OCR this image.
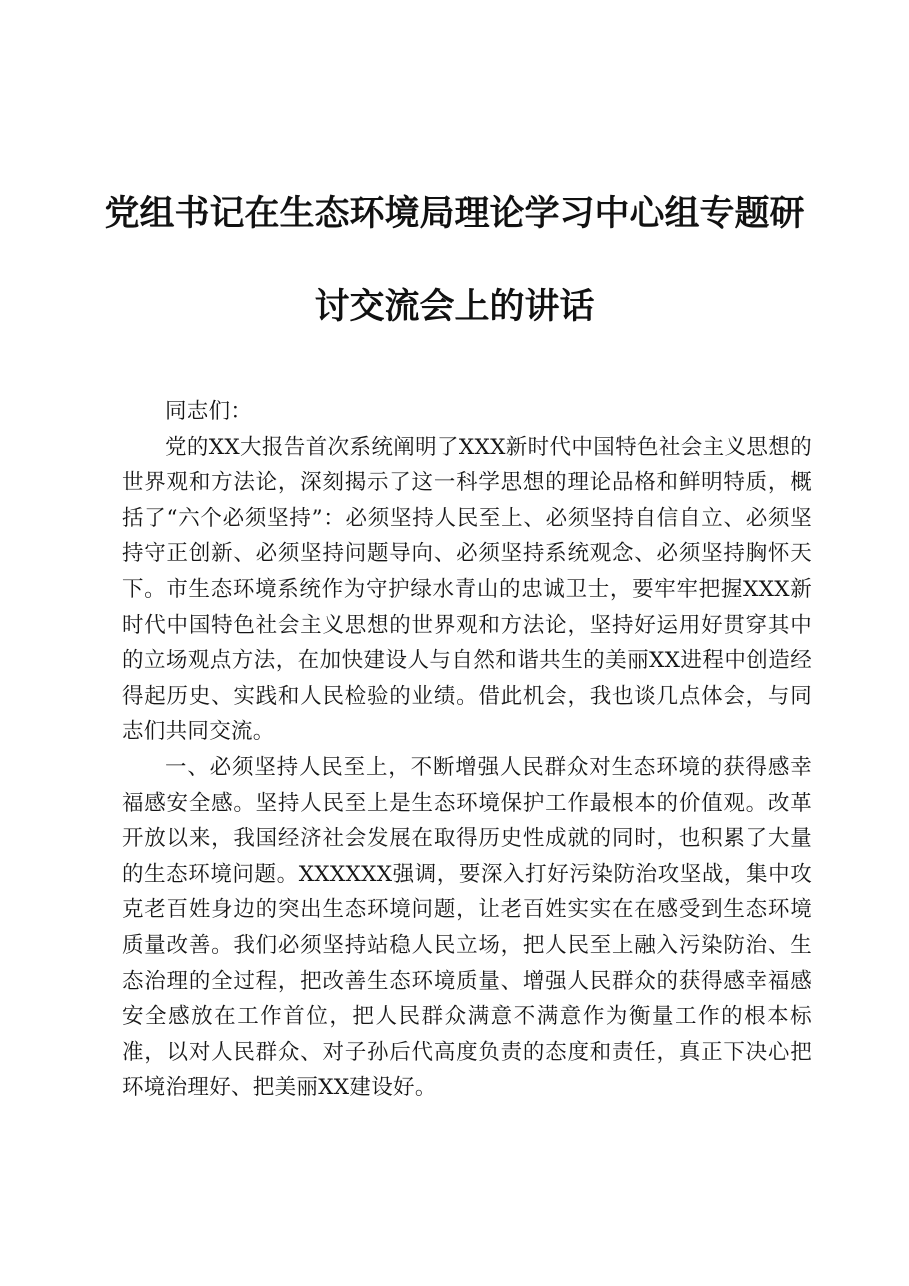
党组书记在生态环境局理论学习中心组专题研
讨交流会上的讲话

同志们：

党的XX大报告首次系统阐明了XXX新时代中国特色社会主义思想的世界观和方法论，深刻揭示了这一科学思想的理论品格和鲜明特质，概括了“六个必须坚持”：必须坚持人民至上、必须坚持自信自立、必须坚持守正创新、必须坚持问题导向、必须坚持系统观念、必须坚持胸怀天下。市生态环境系统作为守护绿水青山的忠诚卫士，要牢牢把握XXX新时代中国特色社会主义思想的世界观和方法论，坚持好运用好贯穿其中的立场观点方法，在加快建设人与自然和谐共生的美丽XX进程中创造经得起历史、实践和人民检验的业绩。借此机会，我也谈几点体会，与同志们共同交流。

一、必须坚持人民至上，不断增强人民群众对生态环境的获得感幸福感安全感。坚持人民至上是生态环境保护工作最根本的价值观。改革开放以来，我国经济社会发展在取得历史性成就的同时，也积累了大量的生态环境问题。XXXXXX强调，要深入打好污染防治攻坚战，集中攻克老百姓身边的突出生态环境问题，让老百姓实实在在感受到生态环境质量改善。我们必须坚持站稳人民立场，把人民至上融入污染防治、生态治理的全过程，把改善生态环境质量、增强人民群众的获得感幸福感安全感放在工作首位，把人民群众满意不满意作为衡量工作的根本标准，以对人民群众、对子孙后代高度负责的态度和责任，真正下决心把环境治理好、把美丽XX建设好。
